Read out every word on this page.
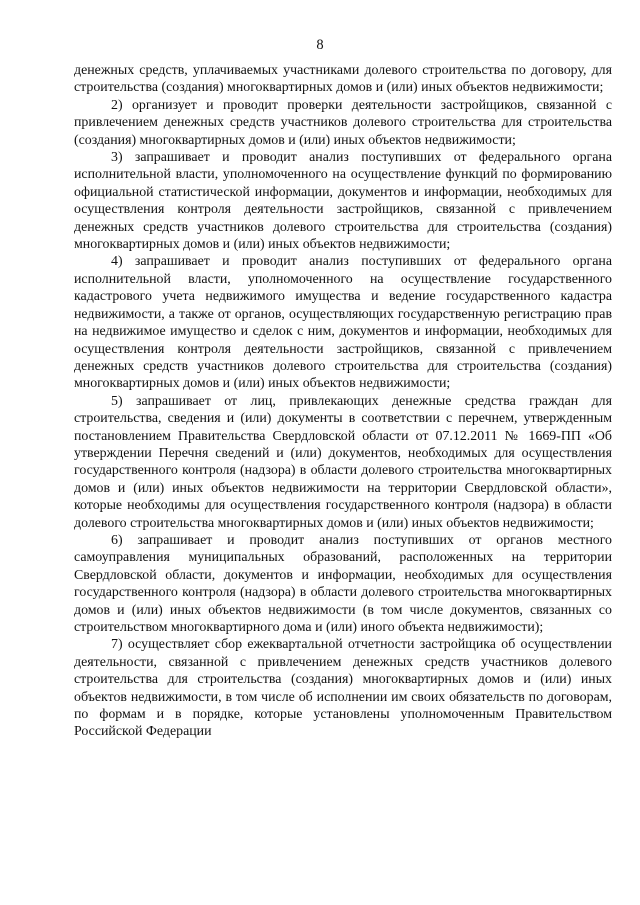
8

денежных средств, уплачиваемых участниками долевого строительства по договору, для строительства (создания) многоквартирных домов и (или) иных объектов недвижимости;

2) организует и проводит проверки деятельности застройщиков, связанной с привлечением денежных средств участников долевого строительства для строительства (создания) многоквартирных домов и (или) иных объектов недвижимости;

3) запрашивает и проводит анализ поступивших от федерального органа исполнительной власти, уполномоченного на осуществление функций по формированию официальной статистической информации, документов и информации, необходимых для осуществления контроля деятельности застройщиков, связанной с привлечением денежных средств участников долевого строительства для строительства (создания) многоквартирных домов и (или) иных объектов недвижимости;

4) запрашивает и проводит анализ поступивших от федерального органа исполнительной власти, уполномоченного на осуществление государственного кадастрового учета недвижимого имущества и ведение государственного кадастра недвижимости, а также от органов, осуществляющих государственную регистрацию прав на недвижимое имущество и сделок с ним, документов и информации, необходимых для осуществления контроля деятельности застройщиков, связанной с привлечением денежных средств участников долевого строительства для строительства (создания) многоквартирных домов и (или) иных объектов недвижимости;

5) запрашивает от лиц, привлекающих денежные средства граждан для строительства, сведения и (или) документы в соответствии с перечнем, утвержденным постановлением Правительства Свердловской области от 07.12.2011 № 1669-ПП «Об утверждении Перечня сведений и (или) документов, необходимых для осуществления государственного контроля (надзора) в области долевого строительства многоквартирных домов и (или) иных объектов недвижимости на территории Свердловской области», которые необходимы для осуществления государственного контроля (надзора) в области долевого строительства многоквартирных домов и (или) иных объектов недвижимости;

6) запрашивает и проводит анализ поступивших от органов местного самоуправления муниципальных образований, расположенных на территории Свердловской области, документов и информации, необходимых для осуществления государственного контроля (надзора) в области долевого строительства многоквартирных домов и (или) иных объектов недвижимости (в том числе документов, связанных со строительством многоквартирного дома и (или) иного объекта недвижимости);

7) осуществляет сбор ежеквартальной отчетности застройщика об осуществлении деятельности, связанной с привлечением денежных средств участников долевого строительства для строительства (создания) многоквартирных домов и (или) иных объектов недвижимости, в том числе об исполнении им своих обязательств по договорам, по формам и в порядке, которые установлены уполномоченным Правительством Российской Федерации
